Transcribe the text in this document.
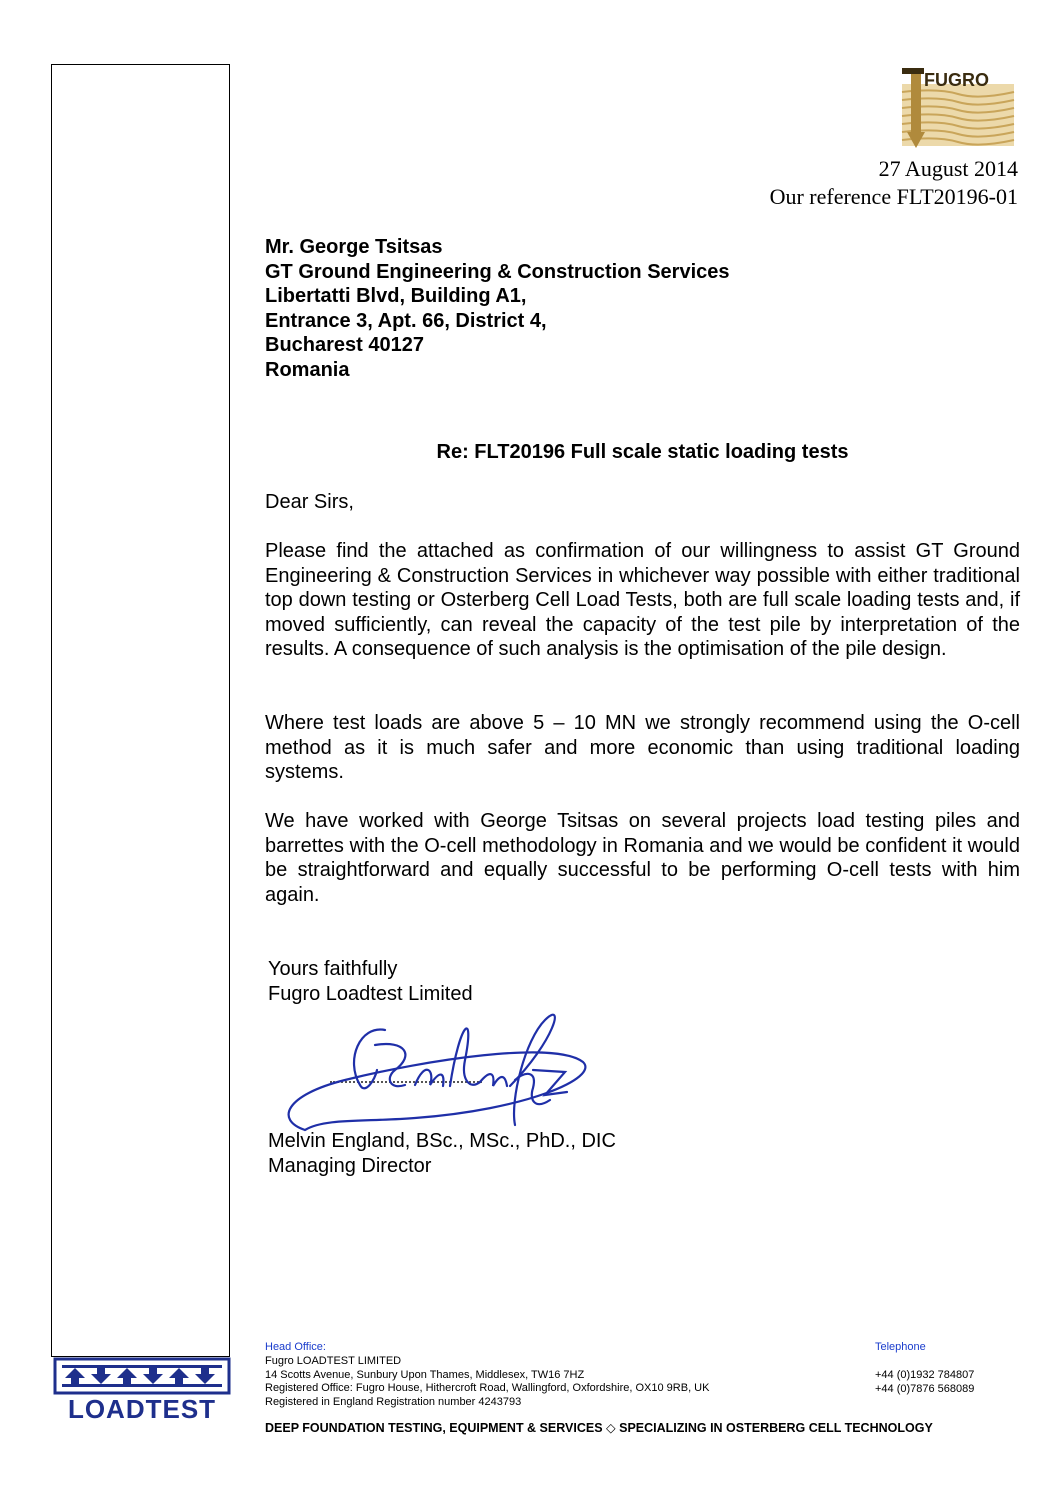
FUGRO
27 August 2014
Our reference FLT20196-01
Mr. George Tsitsas
GT Ground Engineering & Construction Services
Libertatti Blvd, Building A1,
Entrance 3, Apt. 66, District 4,
Bucharest 40127
Romania
Re: FLT20196 Full scale static loading tests
Dear Sirs,
Please find the attached as confirmation of our willingness to assist GT Ground Engineering & Construction Services in whichever way possible with either traditional top down testing or Osterberg Cell Load Tests, both are full scale loading tests and, if moved sufficiently, can reveal the capacity of the test pile by interpretation of the results. A consequence of such analysis is the optimisation of the pile design.
Where test loads are above 5 – 10 MN we strongly recommend using the O-cell method as it is much safer and more economic than using traditional loading systems.
We have worked with George Tsitsas on several projects load testing piles and barrettes with the O-cell methodology in Romania and we would be confident it would be straightforward and equally successful to be performing O-cell tests with him again.
Yours faithfully
Fugro Loadtest Limited
Melvin England, BSc., MSc., PhD., DIC
Managing Director
LOADTEST
Head Office:	Telephone
Fugro LOADTEST LIMITED
14 Scotts Avenue, Sunbury Upon Thames, Middlesex, TW16 7HZ
Registered Office: Fugro House, Hithercroft Road, Wallingford, Oxfordshire, OX10 9RB, UK
Registered in England Registration number 4243793
+44 (0)1932 784807
+44 (0)7876 568089
DEEP FOUNDATION TESTING, EQUIPMENT & SERVICES ◇ SPECIALIZING IN OSTERBERG CELL TECHNOLOGY
